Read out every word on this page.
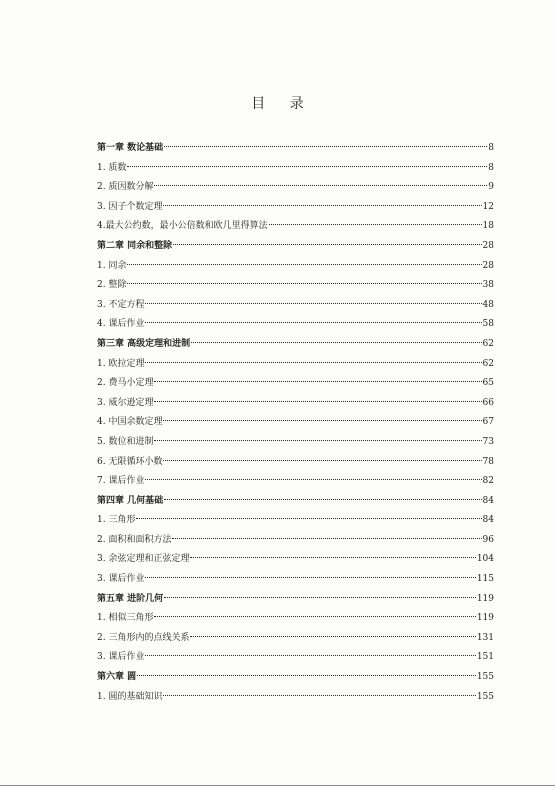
目 录
第一章 数论基础	8
1. 质数	8
2. 质因数分解	9
3. 因子个数定理	12
4.最大公约数，最小公倍数和欧几里得算法	18
第二章 同余和整除	28
1. 同余	28
2. 整除	38
3. 不定方程	48
4. 课后作业	58
第三章 高级定理和进制	62
1. 欧拉定理	62
2. 费马小定理	65
3. 威尔逊定理	66
4. 中国余数定理	67
5. 数位和进制	73
6. 无限循环小数	78
7. 课后作业	82
第四章 几何基础	84
1. 三角形	84
2. 面积和面积方法	96
3. 余弦定理和正弦定理	104
3. 课后作业	115
第五章 进阶几何	119
1. 相似三角形	119
2. 三角形内的点线关系	131
3. 课后作业	151
第六章 圆	155
1. 圆的基础知识	155
